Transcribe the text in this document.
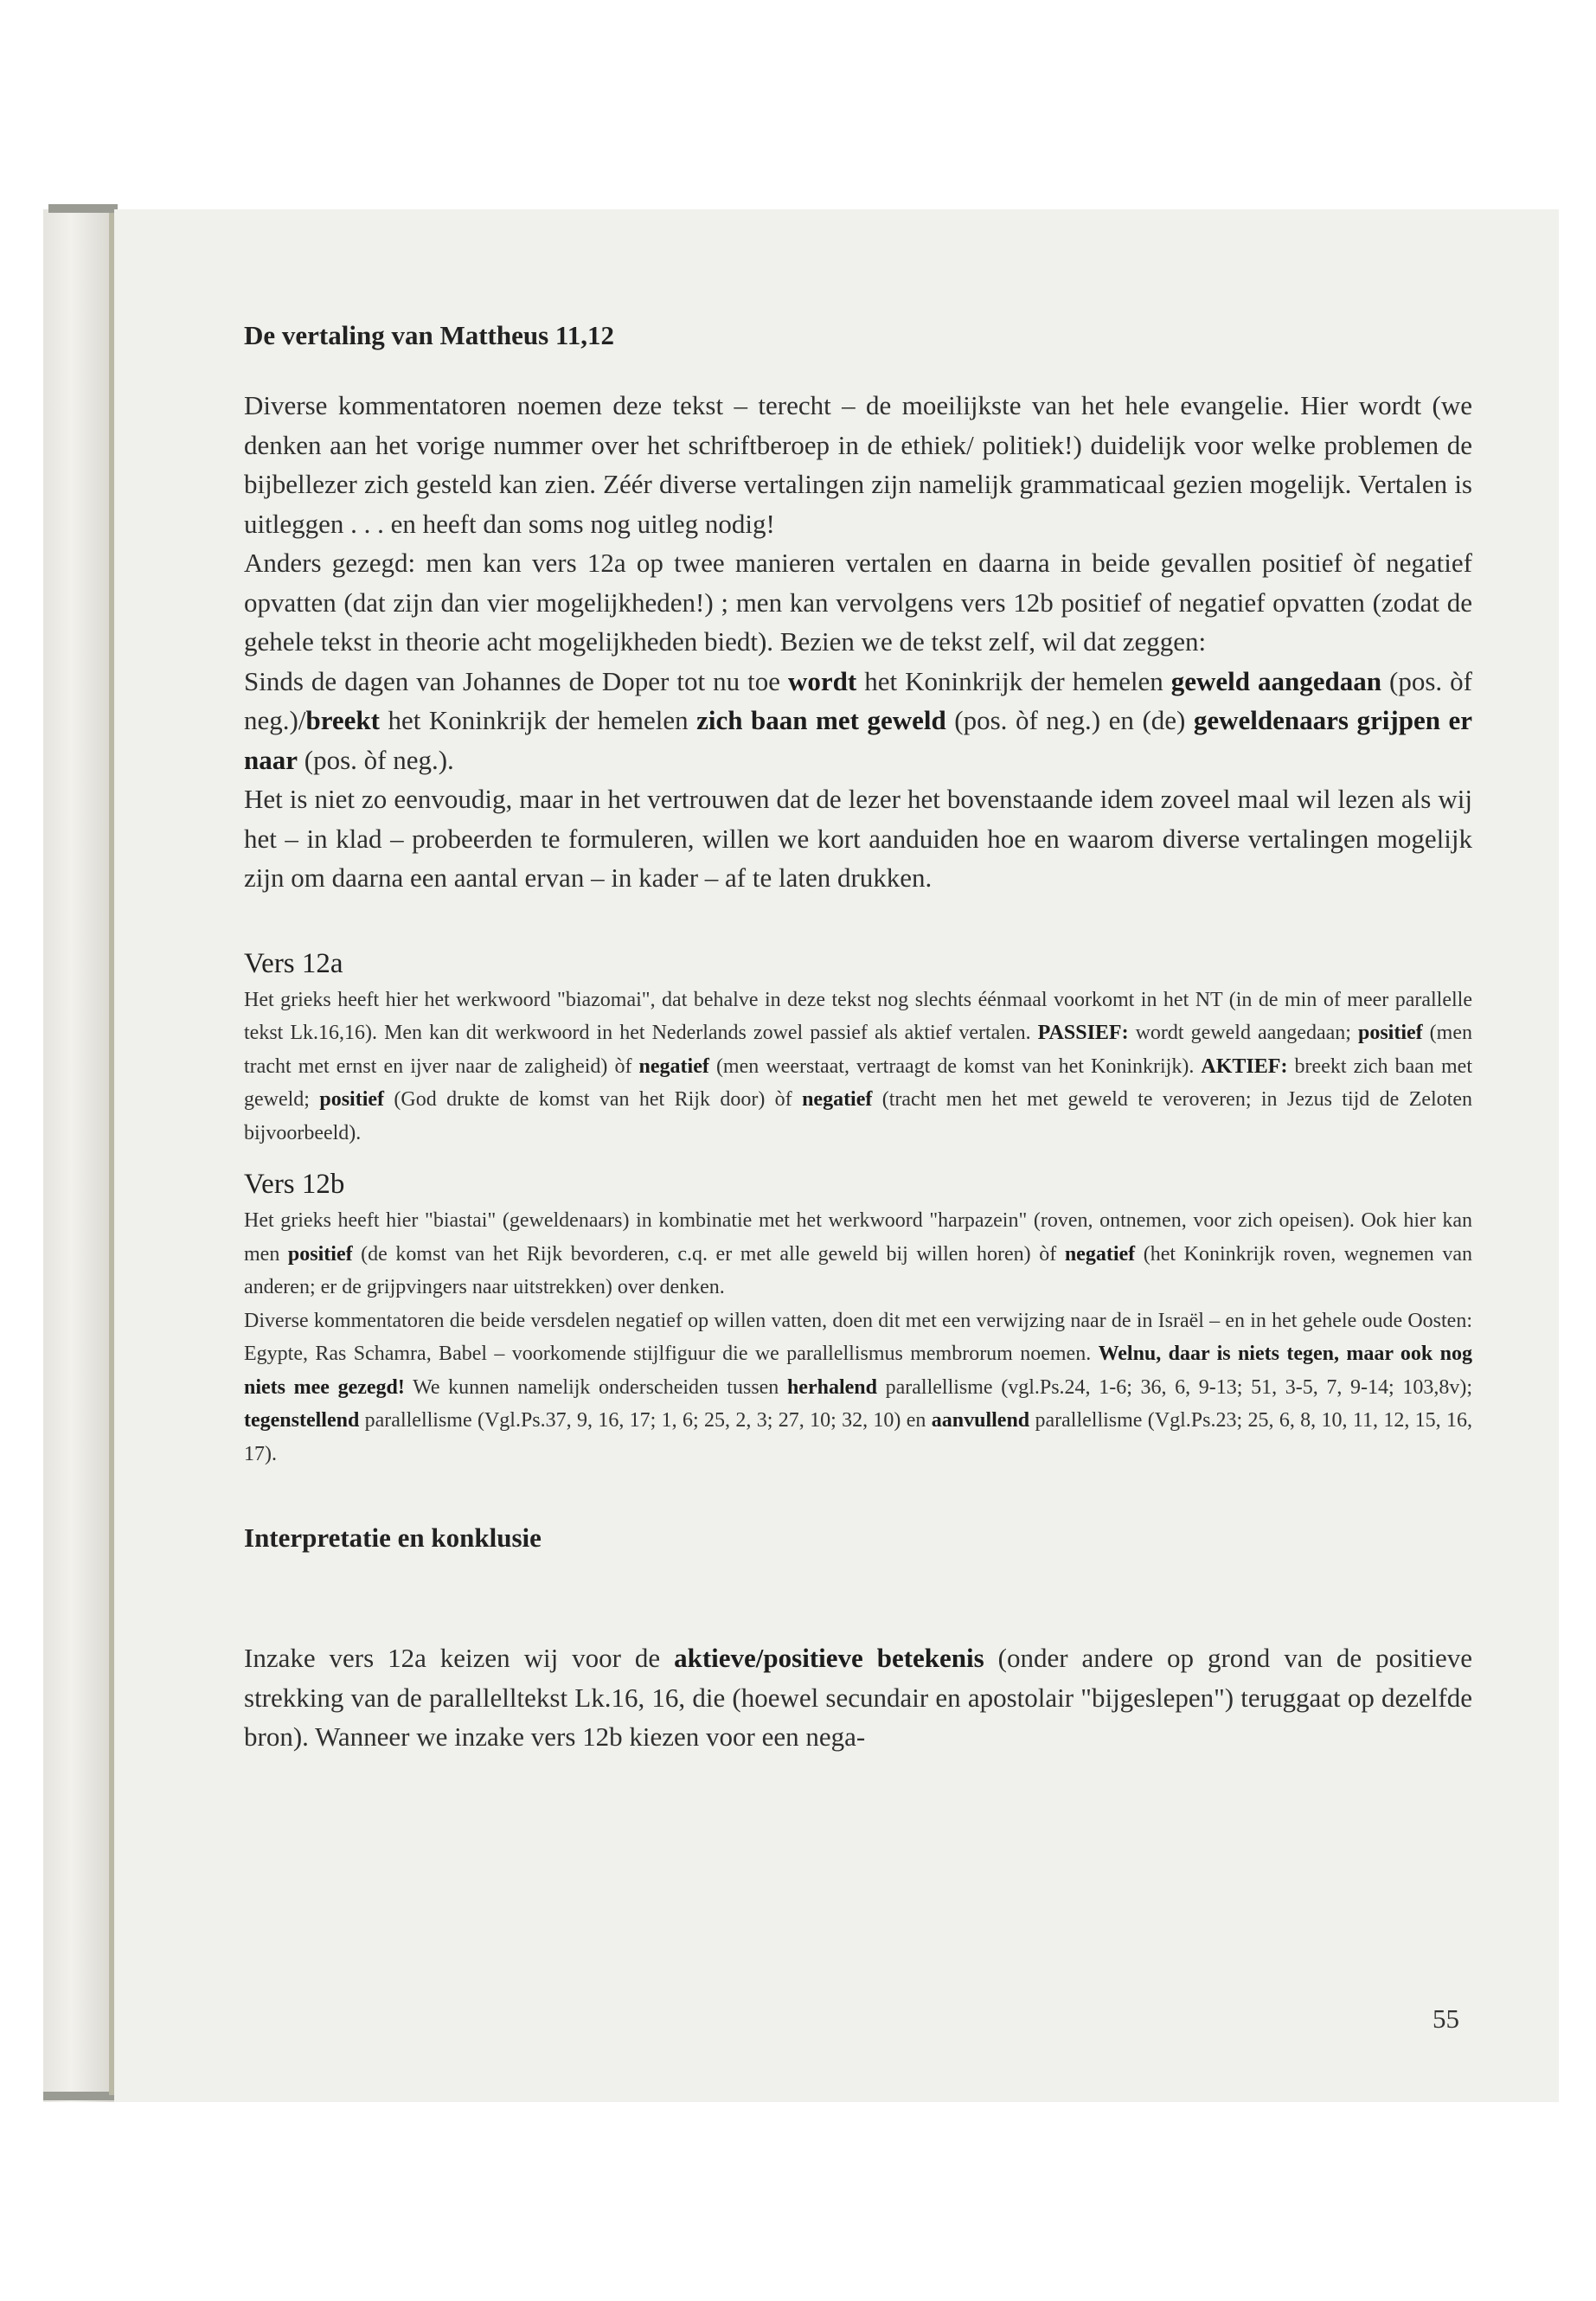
De vertaling van Mattheus 11,12

Diverse kommentatoren noemen deze tekst – terecht – de moeilijkste van het hele evangelie. Hier wordt (we denken aan het vorige nummer over het schriftberoep in de ethiek/ politiek!) duidelijk voor welke problemen de bijbellezer zich gesteld kan zien. Zéér diverse vertalingen zijn namelijk grammaticaal gezien mogelijk. Vertalen is uitleggen . . . en heeft dan soms nog uitleg nodig!

Anders gezegd: men kan vers 12a op twee manieren vertalen en daarna in beide gevallen positief òf negatief opvatten (dat zijn dan vier mogelijkheden!) ; men kan vervolgens vers 12b positief of negatief opvatten (zodat de gehele tekst in theorie acht mogelijkheden biedt). Bezien we de tekst zelf, wil dat zeggen:

Sinds de dagen van Johannes de Doper tot nu toe wordt het Koninkrijk der hemelen geweld aangedaan (pos. òf neg.)/breekt het Koninkrijk der hemelen zich baan met geweld (pos. òf neg.) en (de) geweldenaars grijpen er naar (pos. òf neg.).

Het is niet zo eenvoudig, maar in het vertrouwen dat de lezer het bovenstaande idem zoveel maal wil lezen als wij het – in klad – probeerden te formuleren, willen we kort aanduiden hoe en waarom diverse vertalingen mogelijk zijn om daarna een aantal ervan – in kader – af te laten drukken.

Vers 12a

Het grieks heeft hier het werkwoord "biazomai", dat behalve in deze tekst nog slechts éénmaal voorkomt in het NT (in de min of meer parallelle tekst Lk.16,16). Men kan dit werkwoord in het Nederlands zowel passief als aktief vertalen. PASSIEF: wordt geweld aangedaan; positief (men tracht met ernst en ijver naar de zaligheid) òf negatief (men weerstaat, vertraagt de komst van het Koninkrijk). AKTIEF: breekt zich baan met geweld; positief (God drukte de komst van het Rijk door) òf negatief (tracht men het met geweld te veroveren; in Jezus tijd de Zeloten bijvoorbeeld).

Vers 12b

Het grieks heeft hier "biastai" (geweldenaars) in kombinatie met het werkwoord "harpazein" (roven, ontnemen, voor zich opeisen). Ook hier kan men positief (de komst van het Rijk bevorderen, c.q. er met alle geweld bij willen horen) òf negatief (het Koninkrijk roven, wegnemen van anderen; er de grijpvingers naar uitstrekken) over denken.

Diverse kommentatoren die beide versdelen negatief op willen vatten, doen dit met een verwijzing naar de in Israël – en in het gehele oude Oosten: Egypte, Ras Schamra, Babel – voorkomende stijlfiguur die we parallellismus membrorum noemen. Welnu, daar is niets tegen, maar ook nog niets mee gezegd! We kunnen namelijk onderscheiden tussen herhalend parallellisme (vgl.Ps.24, 1-6; 36, 6, 9-13; 51, 3-5, 7, 9-14; 103,8v); tegenstellend parallellisme (Vgl.Ps.37, 9, 16, 17; 1, 6; 25, 2, 3; 27, 10; 32, 10) en aanvullend parallellisme (Vgl.Ps.23; 25, 6, 8, 10, 11, 12, 15, 16, 17).

Interpretatie en konklusie

Inzake vers 12a keizen wij voor de aktieve/positieve betekenis (onder andere op grond van de positieve strekking van de parallelltekst Lk.16, 16, die (hoewel secundair en apostolair "bijgeslepen") teruggaat op dezelfde bron). Wanneer we inzake vers 12b kiezen voor een nega-

55
